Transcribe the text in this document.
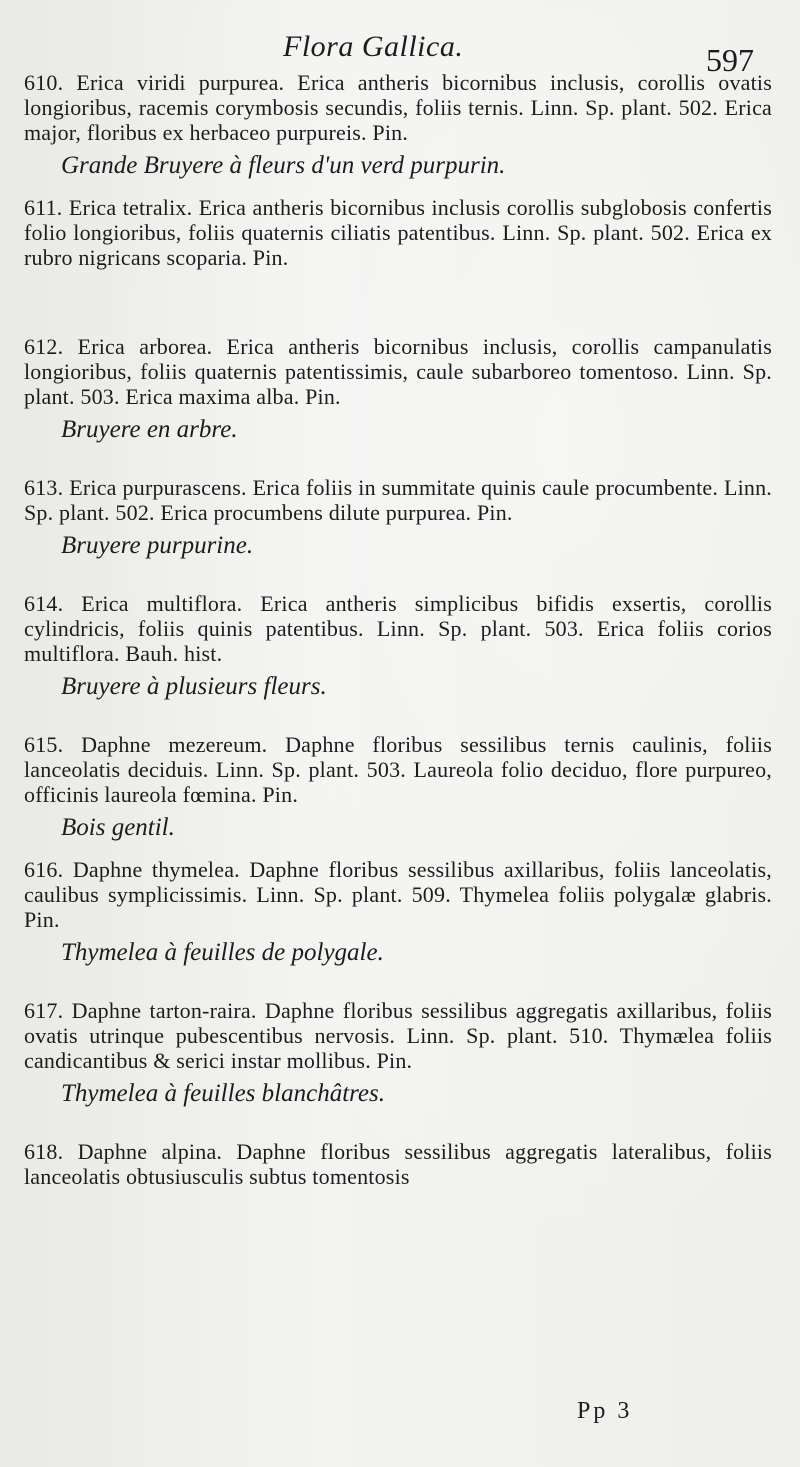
Flora Gallica.	597
610. Erica viridi purpurea. Erica antheris bicornibus inclusis, corollis ovatis longioribus, racemis corymbosis secundis, foliis ternis. Linn. Sp. plant. 502. Erica major, floribus ex herbaceo purpureis. Pin.
Grande Bruyere à fleurs d'un verd purpurin.
611. Erica tetralix. Erica antheris bicornibus inclusis corollis subglobosis confertis folio longioribus, foliis quaternis ciliatis patentibus. Linn. Sp. plant. 502. Erica ex rubro nigricans scoparia. Pin.
612. Erica arborea. Erica antheris bicornibus inclusis, corollis campanulatis longioribus, foliis quaternis patentissimis, caule subarboreo tomentoso. Linn. Sp. plant. 503. Erica maxima alba. Pin.
Bruyere en arbre.
613. Erica purpurascens. Erica foliis in summitate quinis caule procumbente. Linn. Sp. plant. 502. Erica procumbens dilute purpurea. Pin.
Bruyere purpurine.
614. Erica multiflora. Erica antheris simplicibus bifidis exsertis, corollis cylindricis, foliis quinis patentibus. Linn. Sp. plant. 503. Erica foliis corios multiflora. Bauh. hist.
Bruyere à plusieurs fleurs.
615. Daphne mezereum. Daphne floribus sessilibus ternis caulinis, foliis lanceolatis deciduis. Linn. Sp. plant. 503. Laureola folio deciduo, flore purpureo, officinis laureola fœmina. Pin.
Bois gentil.
616. Daphne thymelea. Daphne floribus sessilibus axillaribus, foliis lanceolatis, caulibus symplicissimis. Linn. Sp. plant. 509. Thymelea foliis polygalæ glabris. Pin.
Thymelea à feuilles de polygale.
617. Daphne tarton-raira. Daphne floribus sessilibus aggregatis axillaribus, foliis ovatis utrinque pubescentibus nervosis. Linn. Sp. plant. 510. Thymælea foliis candicantibus & serici instar mollibus. Pin.
Thymelea à feuilles blanchâtres.
618. Daphne alpina. Daphne floribus sessilibus aggregatis lateralibus, foliis lanceolatis obtusiusculis subtus tomentosis
Pp 3
